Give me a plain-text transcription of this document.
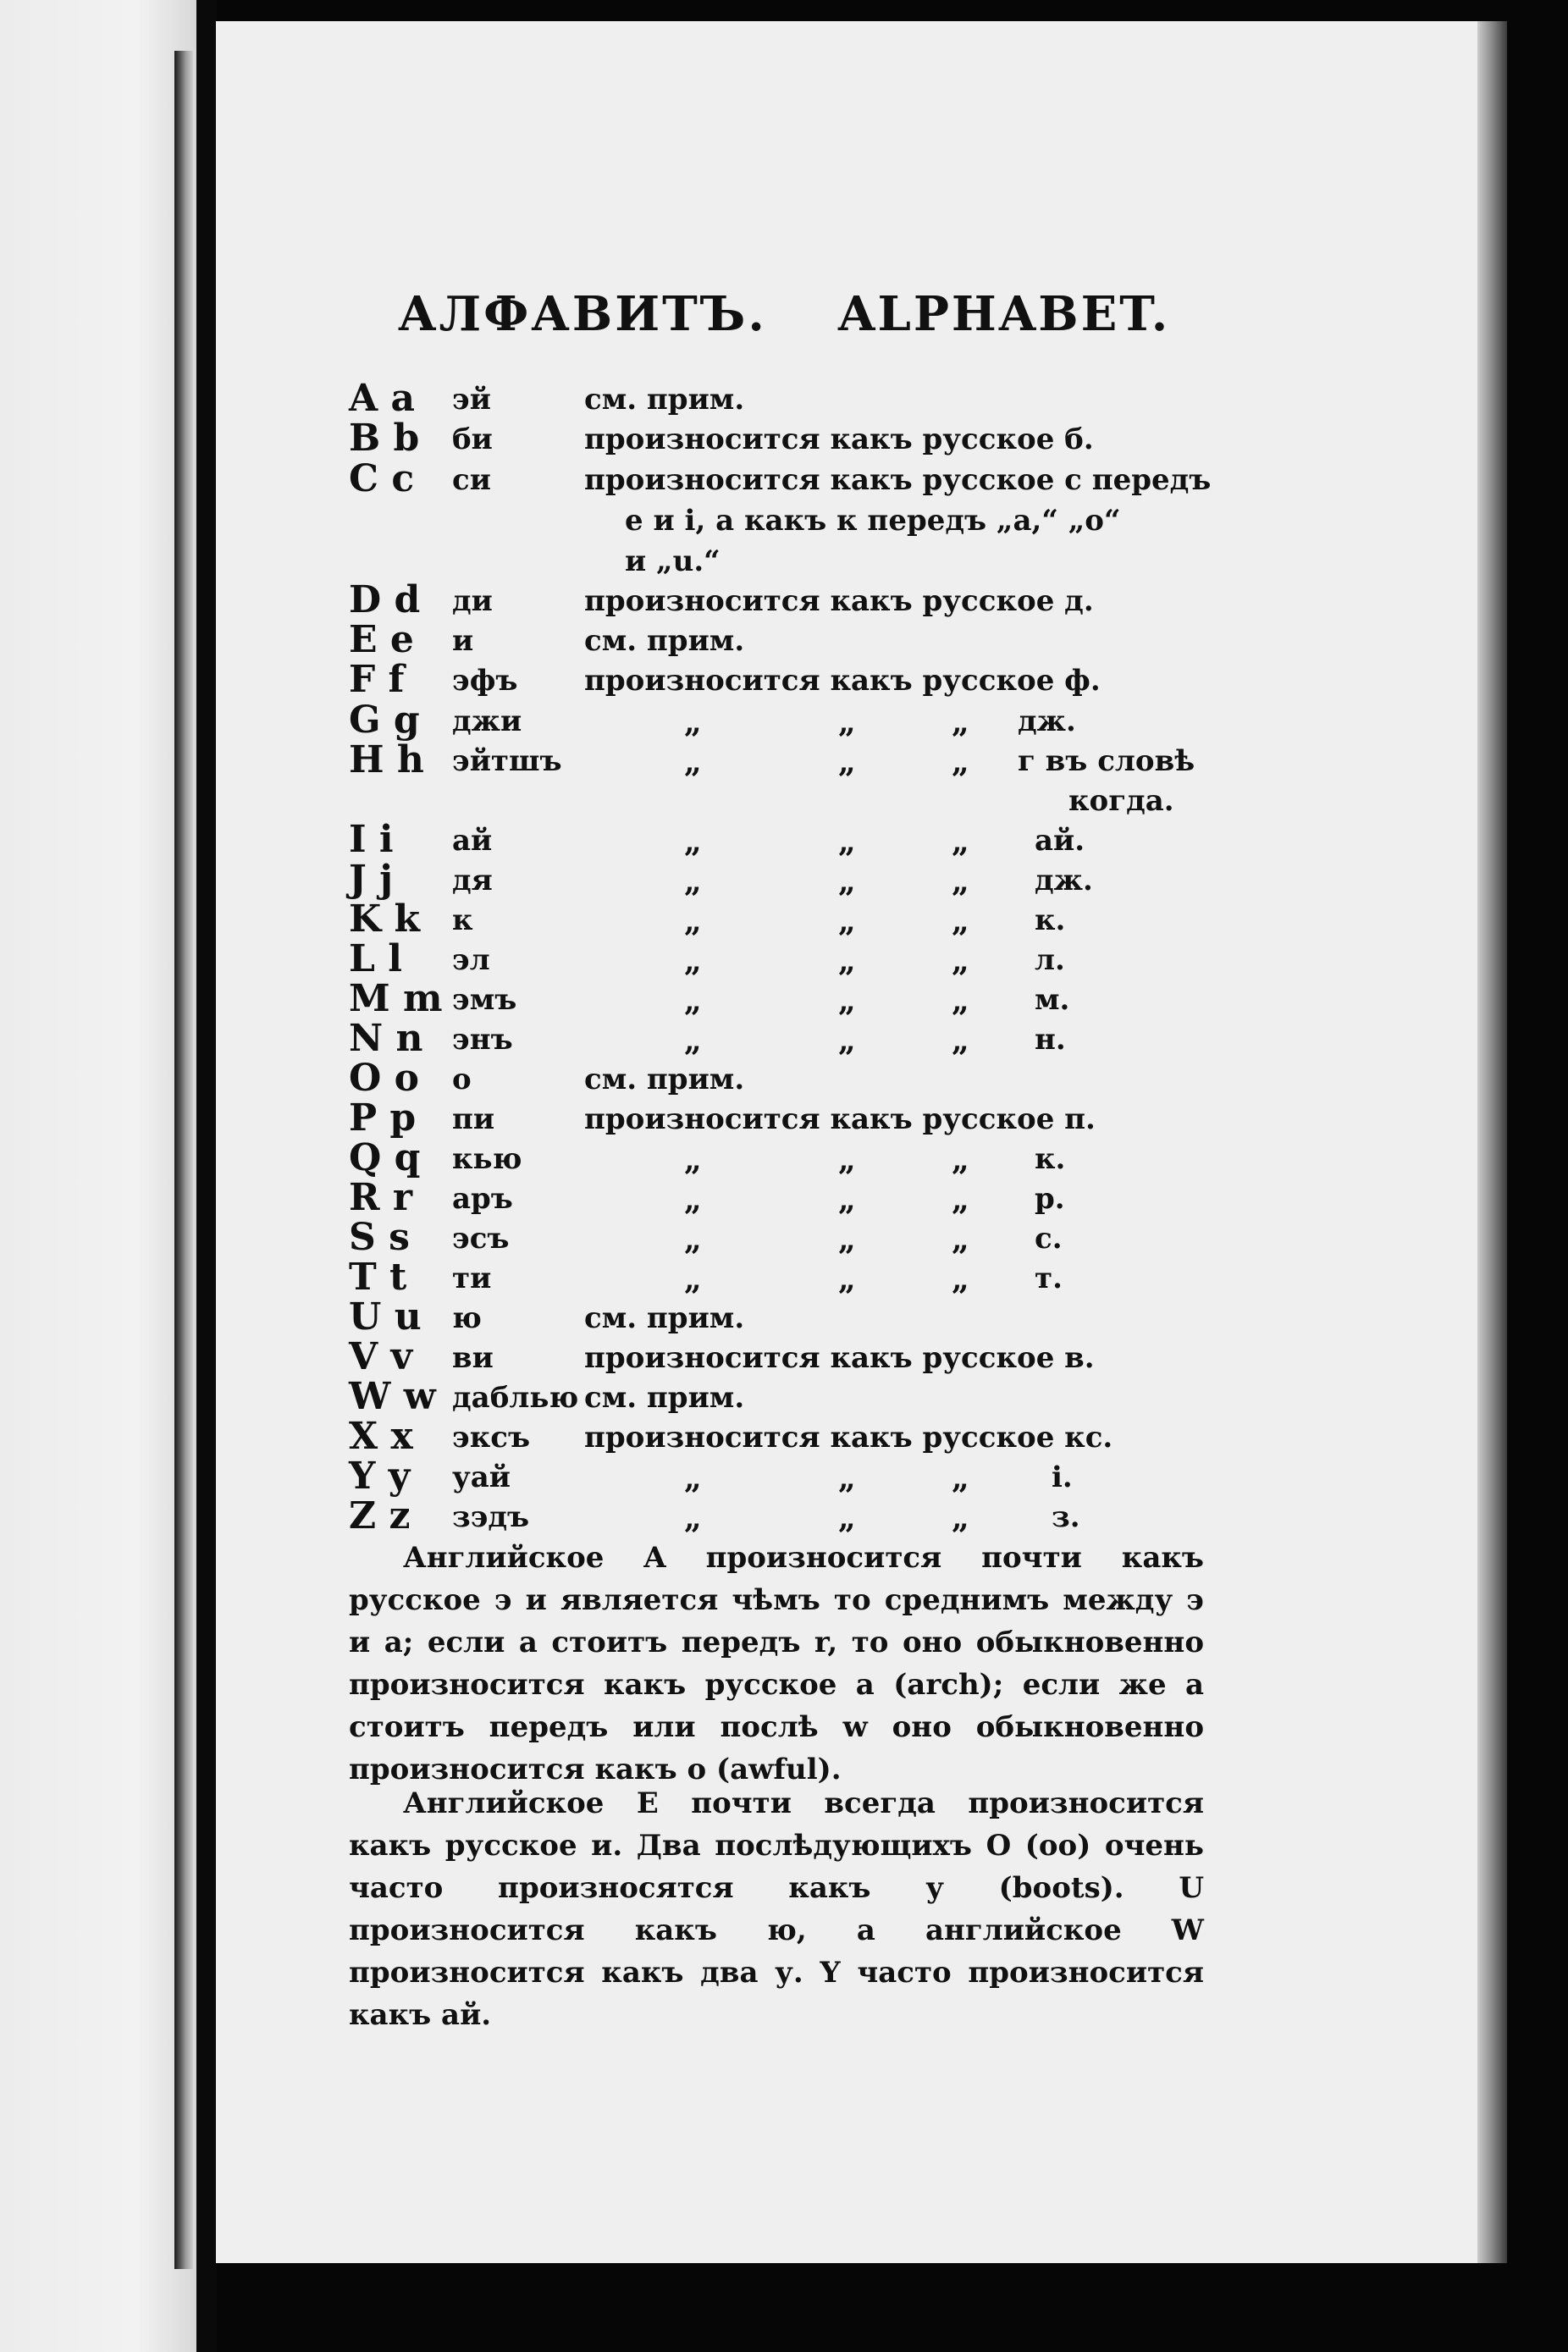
АЛФАВИТЪ. ALPHABET.
A a эй	см. прим.
B b би	произносится какъ русское б.
C c си	произносится какъ русское с передъ
е и i, а какъ к передъ „a,“ „o“
и „u.“
D d ди	произносится какъ русское д.
E e и	см. прим.
F f эфъ произносится какъ русское ф.
G g джи	„	„	„ дж.
H h эйтшъ	„	„	„ г въ словѣ
когда.
I i ай	„	„	„ ай.
J j дя	„	„	„ дж.
K k к	„	„	„ к.
L l эл	„	„	„ л.
M m эмъ	„	„	„ м.
N n энъ	„	„	„ н.
O o о	см. прим.
P p пи	произносится какъ русское п.
Q q кью	„	„	„ к.
R r аръ	„	„	„ р.
S s эсъ	„	„	„ с.
T t ти	„	„	„ т.
U u ю	см. прим.
V v ви	произносится какъ русское в.
W w даблью см. прим.
X x эксъ произносится какъ русское кс.
Y y уай	„	„	„	i.
Z z зэдъ	„	„	„	з.
Английское A произносится почти какъ русское э и является чѣмъ то среднимъ между э и а; если a стоитъ передъ r, то оно обыкновенно произносится какъ русское а (arch); если же a стоитъ передъ или послѣ w оно обыкновенно произносится какъ о (awful).
Английское E почти всегда произносится какъ русское и. Два послѣдующихъ O (oo) очень часто произносятся какъ у (boots). U произносится какъ ю, а английское W произносится какъ два у. Y часто произносится какъ ай.
